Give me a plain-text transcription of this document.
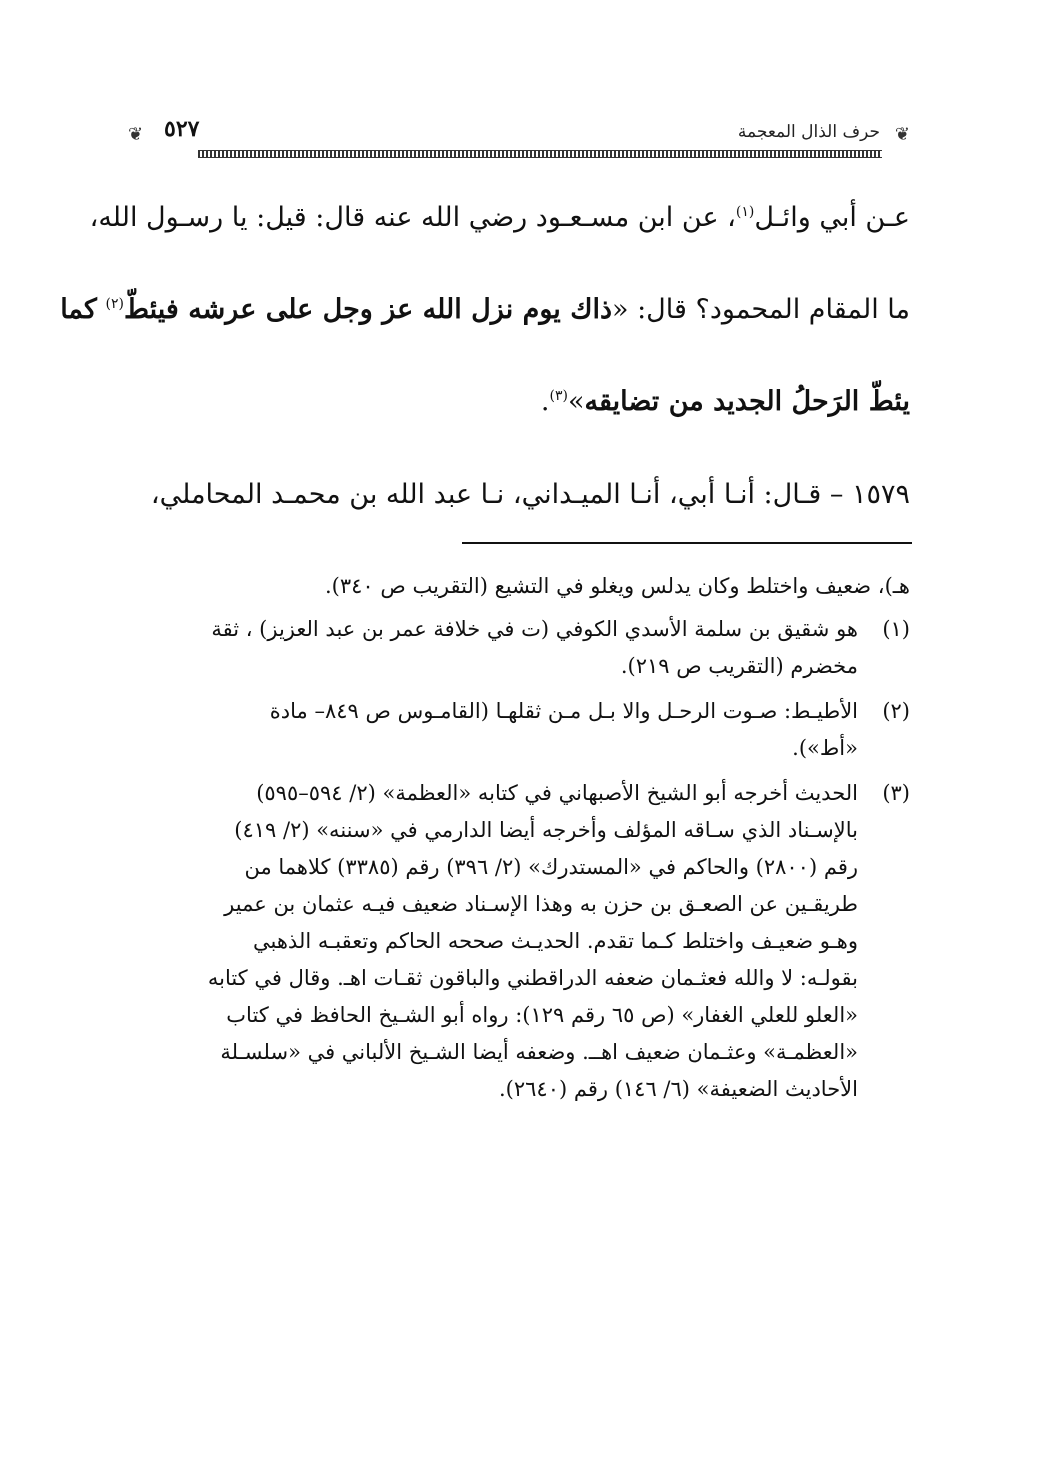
❦
حرف الذال المعجمة
٥٢٧
❦
عـن أبي وائـل$^{(١)}$، عن ابن مسـعـود رضي الله عنه قال: قيل: يا رسـول الله،
ما المقام المحمود؟ قال: «ذاك يوم نزل الله عز وجل على عرشه فيئطّ$^{(٢)}$ كما
يئطّ الرَحلُ الجديد من تضايقه»$^{(٣)}$.
١٥٧٩ – قـال: أنـا أبي، أنـا الميـداني، نـا عبد الله بن محمـد المحاملي،
هـ)، ضعيف واختلط وكان يدلس ويغلو في التشيع (التقريب ص ٣٤٠).
(١)
هو شقيق بن سلمة الأسدي الكوفي (ت في خلافة عمر بن عبد العزيز) ، ثقة
مخضرم (التقريب ص ٢١٩).
(٢)
الأطيـط: صـوت الرحـل والا بـل مـن ثقلهـا (القامـوس ص ٨٤٩– مادة
«أط»).
(٣)
الحديث أخرجه أبو الشيخ الأصبهاني في كتابه «العظمة» (٢/ ٥٩٤–٥٩٥)
بالإسـناد الذي سـاقه المؤلف وأخرجه أيضا الدارمي في «سننه» (٢/ ٤١٩)
رقم (٢٨٠٠) والحاكم في «المستدرك» (٢/ ٣٩٦) رقم (٣٣٨٥) كلاهما من
طريقـين عن الصعـق بن حزن به وهذا الإسـناد ضعيف فيـه عثمان بن عمير
وهـو ضعيـف واختلط كـما تقدم. الحديـث صححه الحاكم وتعقبـه الذهبي
بقولـه: لا والله فعثـمان ضعفه الدراقطني والباقون ثقـات اهـ. وقال في كتابه
«العلو للعلي الغفار» (ص ٦٥ رقم ١٢٩): رواه أبو الشـيخ الحافظ في كتاب
«العظمـة» وعثـمان ضعيف اهــ. وضعفه أيضا الشـيخ الألباني في «سلسـلة
الأحاديث الضعيفة» (٦/ ١٤٦) رقم (٢٦٤٠).
